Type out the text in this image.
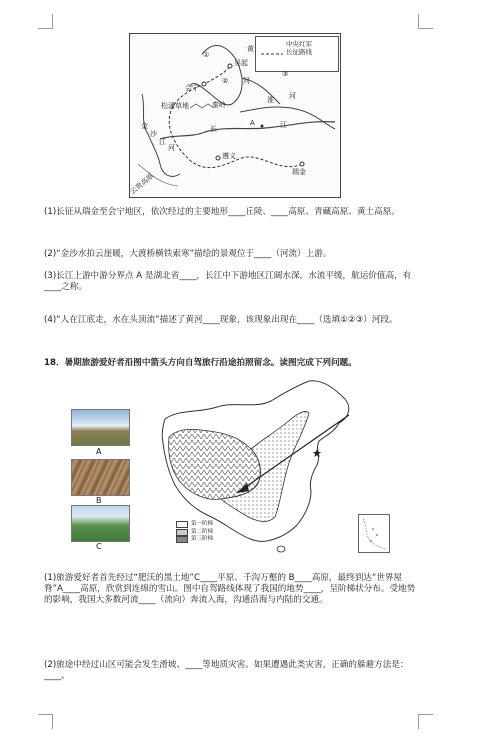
中央红军
长征路线
①
黄
吴起
② 河
③
会宁
松潘草地	秦岭
淮 河
金
沙
江
长
A	江
河
遵义
瑞金
云贵高原
(1)长征从瑞金至会宁地区，依次经过的主要地形____丘陵、____高原、青藏高原、黄土高原。
(2)“金沙水拍云崖暖，大渡桥横铁索寒”描绘的景观位于____（河流）上游。
(3)长江上游中游分界点 A 是湖北省____，长江中下游地区江阔水深，水流平缓，航运价值高，有____之称。
(4)“人在江底走，水在头顶流”描述了黄河____现象，该现象出现在____（选填①②③）河段。
18．暑期旅游爱好者沿图中箭头方向自驾旅行沿途拍照留念。读图完成下列问题。
A
B
C
第一阶梯
第二阶梯
第三阶梯
(1)旅游爱好者首先经过“肥沃的黑土地”C____平原、千沟万壑的 B____高原，最终到达“世界屋脊”A____高原，欣赏到连绵的雪山。图中自驾路线体现了我国的地势____，呈阶梯状分布。受地势的影响，我国大多数河流____（流向）奔流入海，沟通沿海与内陆的交通。
(2)旅途中经过山区可能会发生滑坡、____等地质灾害。如果遭遇此类灾害，正确的躲避方法是：____。
